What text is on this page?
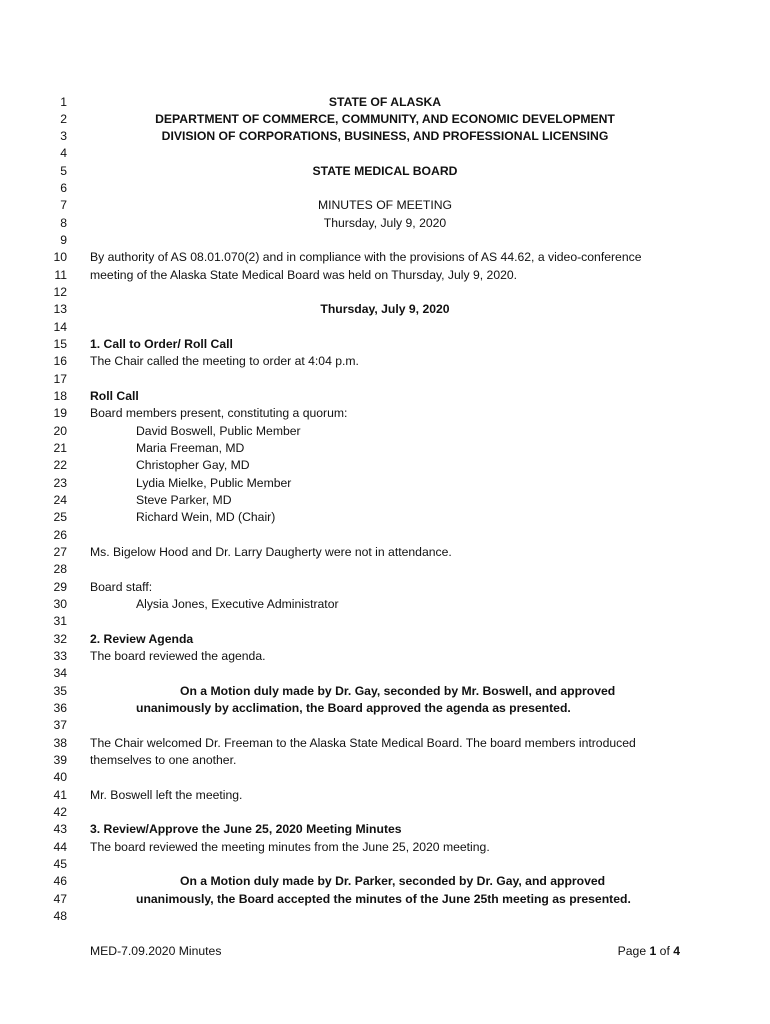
1	STATE OF ALASKA
2	DEPARTMENT OF COMMERCE, COMMUNITY, AND ECONOMIC DEVELOPMENT
3	DIVISION OF CORPORATIONS, BUSINESS, AND PROFESSIONAL LICENSING
4
5	STATE MEDICAL BOARD
6
7	MINUTES OF MEETING
8	Thursday, July 9, 2020
9
10 By authority of AS 08.01.070(2) and in compliance with the provisions of AS 44.62, a video-conference
11 meeting of the Alaska State Medical Board was held on Thursday, July 9, 2020.
12
13	Thursday, July 9, 2020
14
15 1. Call to Order/ Roll Call
16 The Chair called the meeting to order at 4:04 p.m.
17
18 Roll Call
19 Board members present, constituting a quorum:
20	David Boswell, Public Member
21	Maria Freeman, MD
22	Christopher Gay, MD
23	Lydia Mielke, Public Member
24	Steve Parker, MD
25	Richard Wein, MD (Chair)
26
27 Ms. Bigelow Hood and Dr. Larry Daugherty were not in attendance.
28
29 Board staff:
30	Alysia Jones, Executive Administrator
31
32 2. Review Agenda
33 The board reviewed the agenda.
34
35	On a Motion duly made by Dr. Gay, seconded by Mr. Boswell, and approved
36	unanimously by acclimation, the Board approved the agenda as presented.
37
38 The Chair welcomed Dr. Freeman to the Alaska State Medical Board. The board members introduced
39 themselves to one another.
40
41 Mr. Boswell left the meeting.
42
43 3. Review/Approve the June 25, 2020 Meeting Minutes
44 The board reviewed the meeting minutes from the June 25, 2020 meeting.
45
46	On a Motion duly made by Dr. Parker, seconded by Dr. Gay, and approved
47	unanimously, the Board accepted the minutes of the June 25th meeting as presented.
48
MED-7.09.2020 Minutes	Page 1 of 4
